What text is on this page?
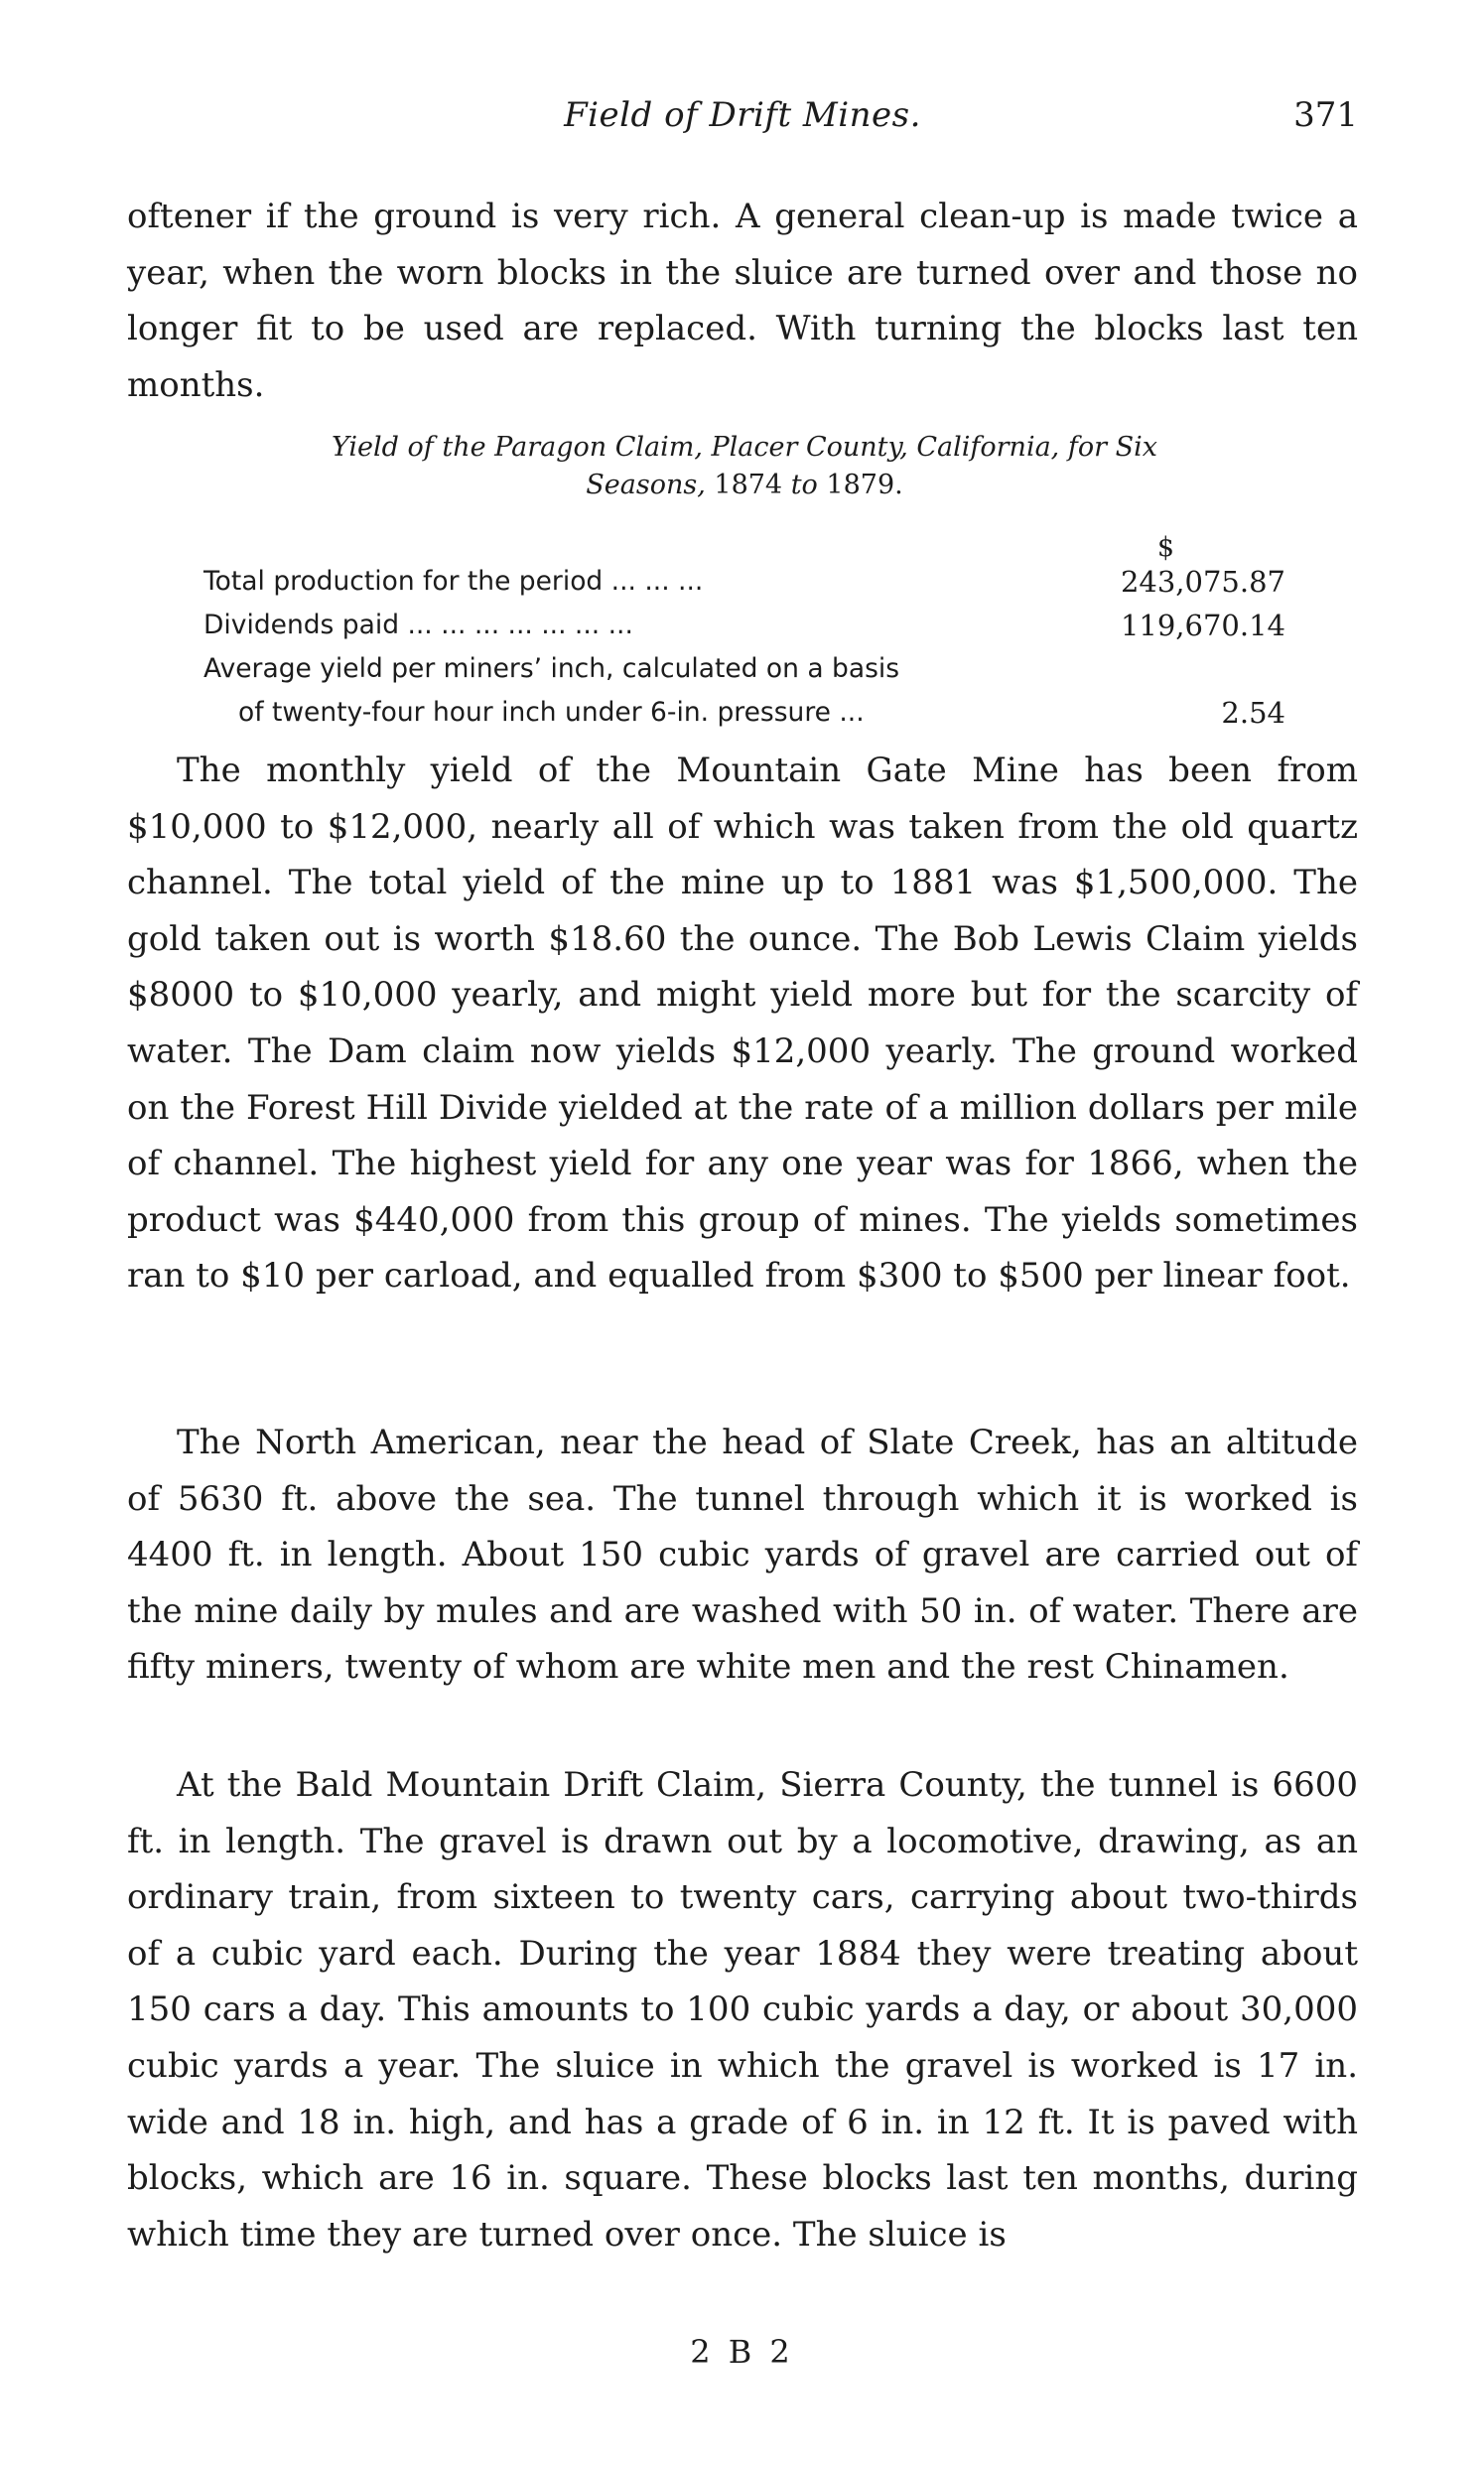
Field of Drift Mines.	371

oftener if the ground is very rich. A general clean-up is made twice a year, when the worn blocks in the sluice are turned over and those no longer fit to be used are replaced. With turning the blocks last ten months.

Yield of the Paragon Claim, Placer County, California, for Six
Seasons, 1874 to 1879.
$
Total production for the period ... ... ...	243,075.87
Dividends paid ... ... ... ... ... ... ...	119,670.14
Average yield per miners’ inch, calculated on a basis
of twenty-four hour inch under 6-in. pressure ...	2.54

The monthly yield of the Mountain Gate Mine has been from $10,000 to $12,000, nearly all of which was taken from the old quartz channel. The total yield of the mine up to 1881 was $1,500,000. The gold taken out is worth $18.60 the ounce. The Bob Lewis Claim yields $8000 to $10,000 yearly, and might yield more but for the scarcity of water. The Dam claim now yields $12,000 yearly. The ground worked on the Forest Hill Divide yielded at the rate of a million dollars per mile of channel. The highest yield for any one year was for 1866, when the product was $440,000 from this group of mines. The yields sometimes ran to $10 per carload, and equalled from $300 to $500 per linear foot.

The North American, near the head of Slate Creek, has an altitude of 5630 ft. above the sea. The tunnel through which it is worked is 4400 ft. in length. About 150 cubic yards of gravel are carried out of the mine daily by mules and are washed with 50 in. of water. There are fifty miners, twenty of whom are white men and the rest Chinamen.

At the Bald Mountain Drift Claim, Sierra County, the tunnel is 6600 ft. in length. The gravel is drawn out by a locomotive, drawing, as an ordinary train, from sixteen to twenty cars, carrying about two-thirds of a cubic yard each. During the year 1884 they were treating about 150 cars a day. This amounts to 100 cubic yards a day, or about 30,000 cubic yards a year. The sluice in which the gravel is worked is 17 in. wide and 18 in. high, and has a grade of 6 in. in 12 ft. It is paved with blocks, which are 16 in. square. These blocks last ten months, during which time they are turned over once. The sluice is

2 B 2
